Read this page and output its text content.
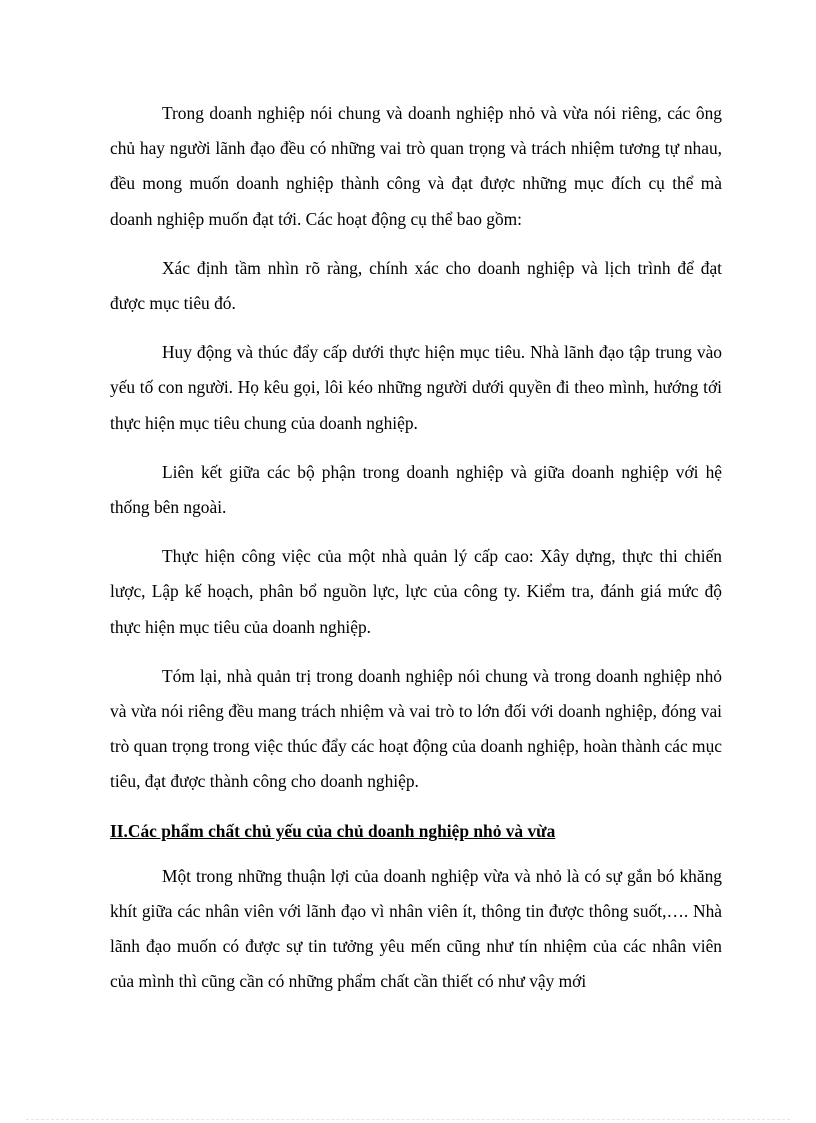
Trong doanh nghiệp nói chung và doanh nghiệp nhỏ và vừa nói riêng, các ông chủ hay người lãnh đạo đều có những vai trò quan trọng và trách nhiệm tương tự nhau, đều mong muốn doanh nghiệp thành công và đạt được những mục đích cụ thể mà doanh nghiệp muốn đạt tới. Các hoạt động cụ thể bao gồm:

Xác định tầm nhìn rõ ràng, chính xác cho doanh nghiệp và lịch trình để đạt được mục tiêu đó.

Huy động và thúc đẩy cấp dưới thực hiện mục tiêu. Nhà lãnh đạo tập trung vào yếu tố con người. Họ kêu gọi, lôi kéo những người dưới quyền đi theo mình, hướng tới thực hiện mục tiêu chung của doanh nghiệp.

Liên kết giữa các bộ phận trong doanh nghiệp và giữa doanh nghiệp với hệ thống bên ngoài.

Thực hiện công việc của một nhà quản lý cấp cao: Xây dựng, thực thi chiến lược, Lập kế hoạch, phân bổ nguồn lực, lực của công ty. Kiểm tra, đánh giá mức độ thực hiện mục tiêu của doanh nghiệp.

Tóm lại, nhà quản trị trong doanh nghiệp nói chung và trong doanh nghiệp nhỏ và vừa nói riêng đều mang trách nhiệm và vai trò to lớn đối với doanh nghiệp, đóng vai trò quan trọng trong việc thúc đẩy các hoạt động của doanh nghiệp, hoàn thành các mục tiêu, đạt được thành công cho doanh nghiệp.

II.Các phẩm chất chủ yếu của chủ doanh nghiệp nhỏ và vừa

Một trong những thuận lợi của doanh nghiệp vừa và nhỏ là có sự gắn bó khăng khít giữa các nhân viên với lãnh đạo vì nhân viên ít, thông tin được thông suốt,…. Nhà lãnh đạo muốn có được sự tin tưởng yêu mến cũng như tín nhiệm của các nhân viên của mình thì cũng cần có những phẩm chất cần thiết có như vậy mới
